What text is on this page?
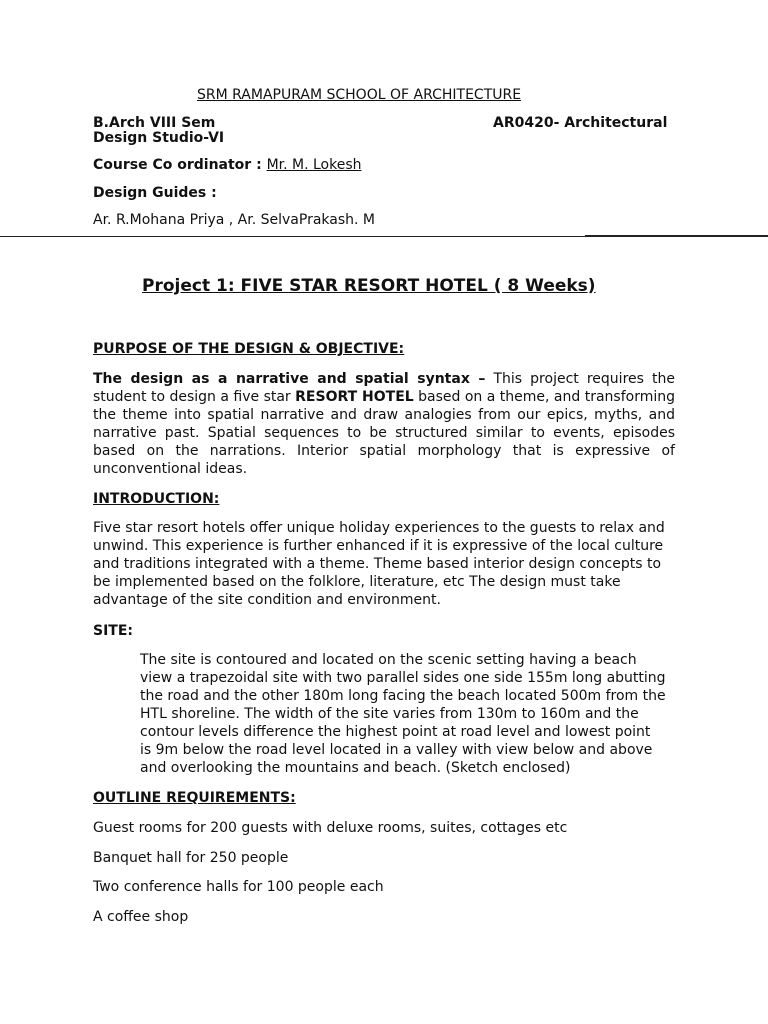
SRM RAMAPURAM SCHOOL OF ARCHITECTURE
B.Arch VIII Sem	AR0420- Architectural
Design Studio-VI
Course Co ordinator : Mr. M. Lokesh
Design Guides :
Ar. R.Mohana Priya , Ar. SelvaPrakash. M
Project 1: FIVE STAR RESORT HOTEL ( 8 Weeks)
PURPOSE OF THE DESIGN & OBJECTIVE:
The design as a narrative and spatial syntax – This project requires the student to design a five star RESORT HOTEL based on a theme, and transforming the theme into spatial narrative and draw analogies from our epics, myths, and narrative past. Spatial sequences to be structured similar to events, episodes based on the narrations. Interior spatial morphology that is expressive of unconventional ideas.
INTRODUCTION:
Five star resort hotels offer unique holiday experiences to the guests to relax and
unwind. This experience is further enhanced if it is expressive of the local culture
and traditions integrated with a theme. Theme based interior design concepts to
be implemented based on the folklore, literature, etc The design must take
advantage of the site condition and environment.
SITE:
The site is contoured and located on the scenic setting having a beach
view a trapezoidal site with two parallel sides one side 155m long abutting
the road and the other 180m long facing the beach located 500m from the
HTL shoreline. The width of the site varies from 130m to 160m and the
contour levels difference the highest point at road level and lowest point
is 9m below the road level located in a valley with view below and above
and overlooking the mountains and beach. (Sketch enclosed)
OUTLINE REQUIREMENTS:
Guest rooms for 200 guests with deluxe rooms, suites, cottages etc
Banquet hall for 250 people
Two conference halls for 100 people each
A coffee shop
